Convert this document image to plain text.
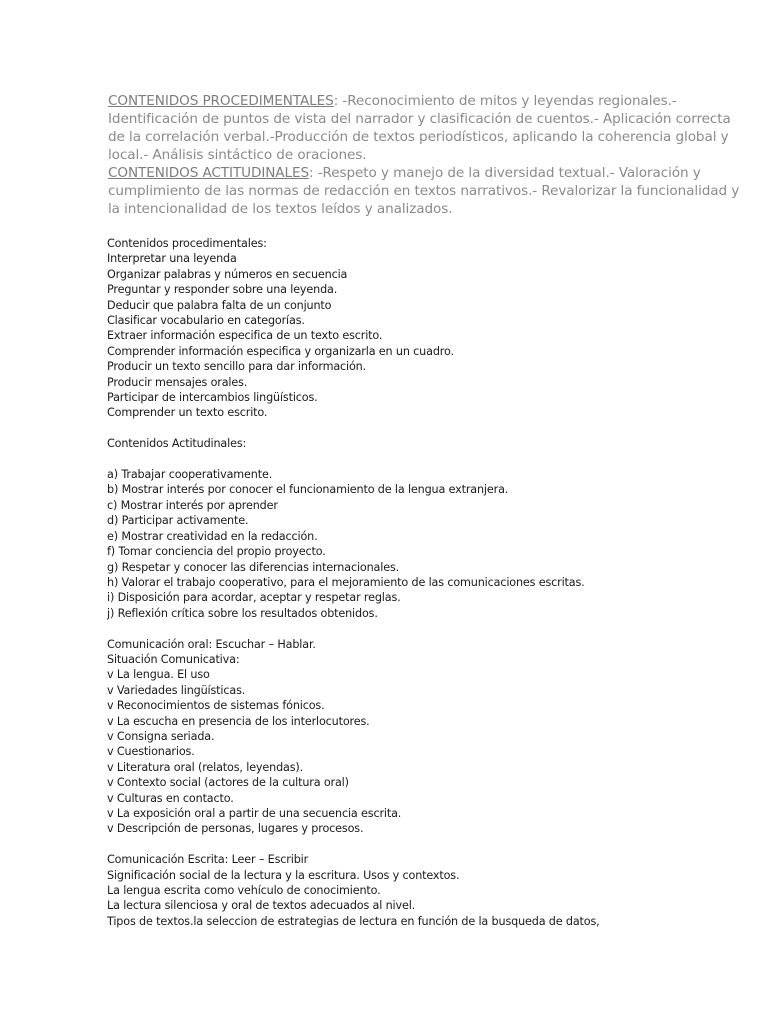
CONTENIDOS PROCEDIMENTALES: -Reconocimiento de mitos y leyendas regionales.- Identificación de puntos de vista del narrador y clasificación de cuentos.- Aplicación correcta de la correlación verbal.-Producción de textos periodísticos, aplicando la coherencia global y local.- Análisis sintáctico de oraciones.

CONTENIDOS ACTITUDINALES: -Respeto y manejo de la diversidad textual.- Valoración y cumplimiento de las normas de redacción en textos narrativos.- Revalorizar la funcionalidad y la intencionalidad de los textos leídos y analizados.

Contenidos procedimentales:
Interpretar una leyenda
Organizar palabras y números en secuencia
Preguntar y responder sobre una leyenda.
Deducir que palabra falta de un conjunto
Clasificar vocabulario en categorías.
Extraer información especifica de un texto escrito.
Comprender información especifica y organizarla en un cuadro.
Producir un texto sencillo para dar información.
Producir mensajes orales.
Participar de intercambios lingüísticos.
Comprender un texto escrito.
Contenidos Actitudinales:
a) Trabajar cooperativamente.
b) Mostrar interés por conocer el funcionamiento de la lengua extranjera.
c) Mostrar interés por aprender
d) Participar activamente.
e) Mostrar creatividad en la redacción.
f) Tomar conciencia del propio proyecto.
g) Respetar y conocer las diferencias internacionales.
h) Valorar el trabajo cooperativo, para el mejoramiento de las comunicaciones escritas.
i) Disposición para acordar, aceptar y respetar reglas.
j) Reflexión crítica sobre los resultados obtenidos.
Comunicación oral: Escuchar – Hablar.
Situación Comunicativa:
v La lengua. El uso
v Variedades lingüísticas.
v Reconocimientos de sistemas fónicos.
v La escucha en presencia de los interlocutores.
v Consigna seriada.
v Cuestionarios.
v Literatura oral (relatos, leyendas).
v Contexto social (actores de la cultura oral)
v Culturas en contacto.
v La exposición oral a partir de una secuencia escrita.
v Descripción de personas, lugares y procesos.
Comunicación Escrita: Leer – Escribir
Significación social de la lectura y la escritura. Usos y contextos.
La lengua escrita como vehículo de conocimiento.
La lectura silenciosa y oral de textos adecuados al nivel.
Tipos de textos.la seleccion de estrategias de lectura en función de la busqueda de datos,
